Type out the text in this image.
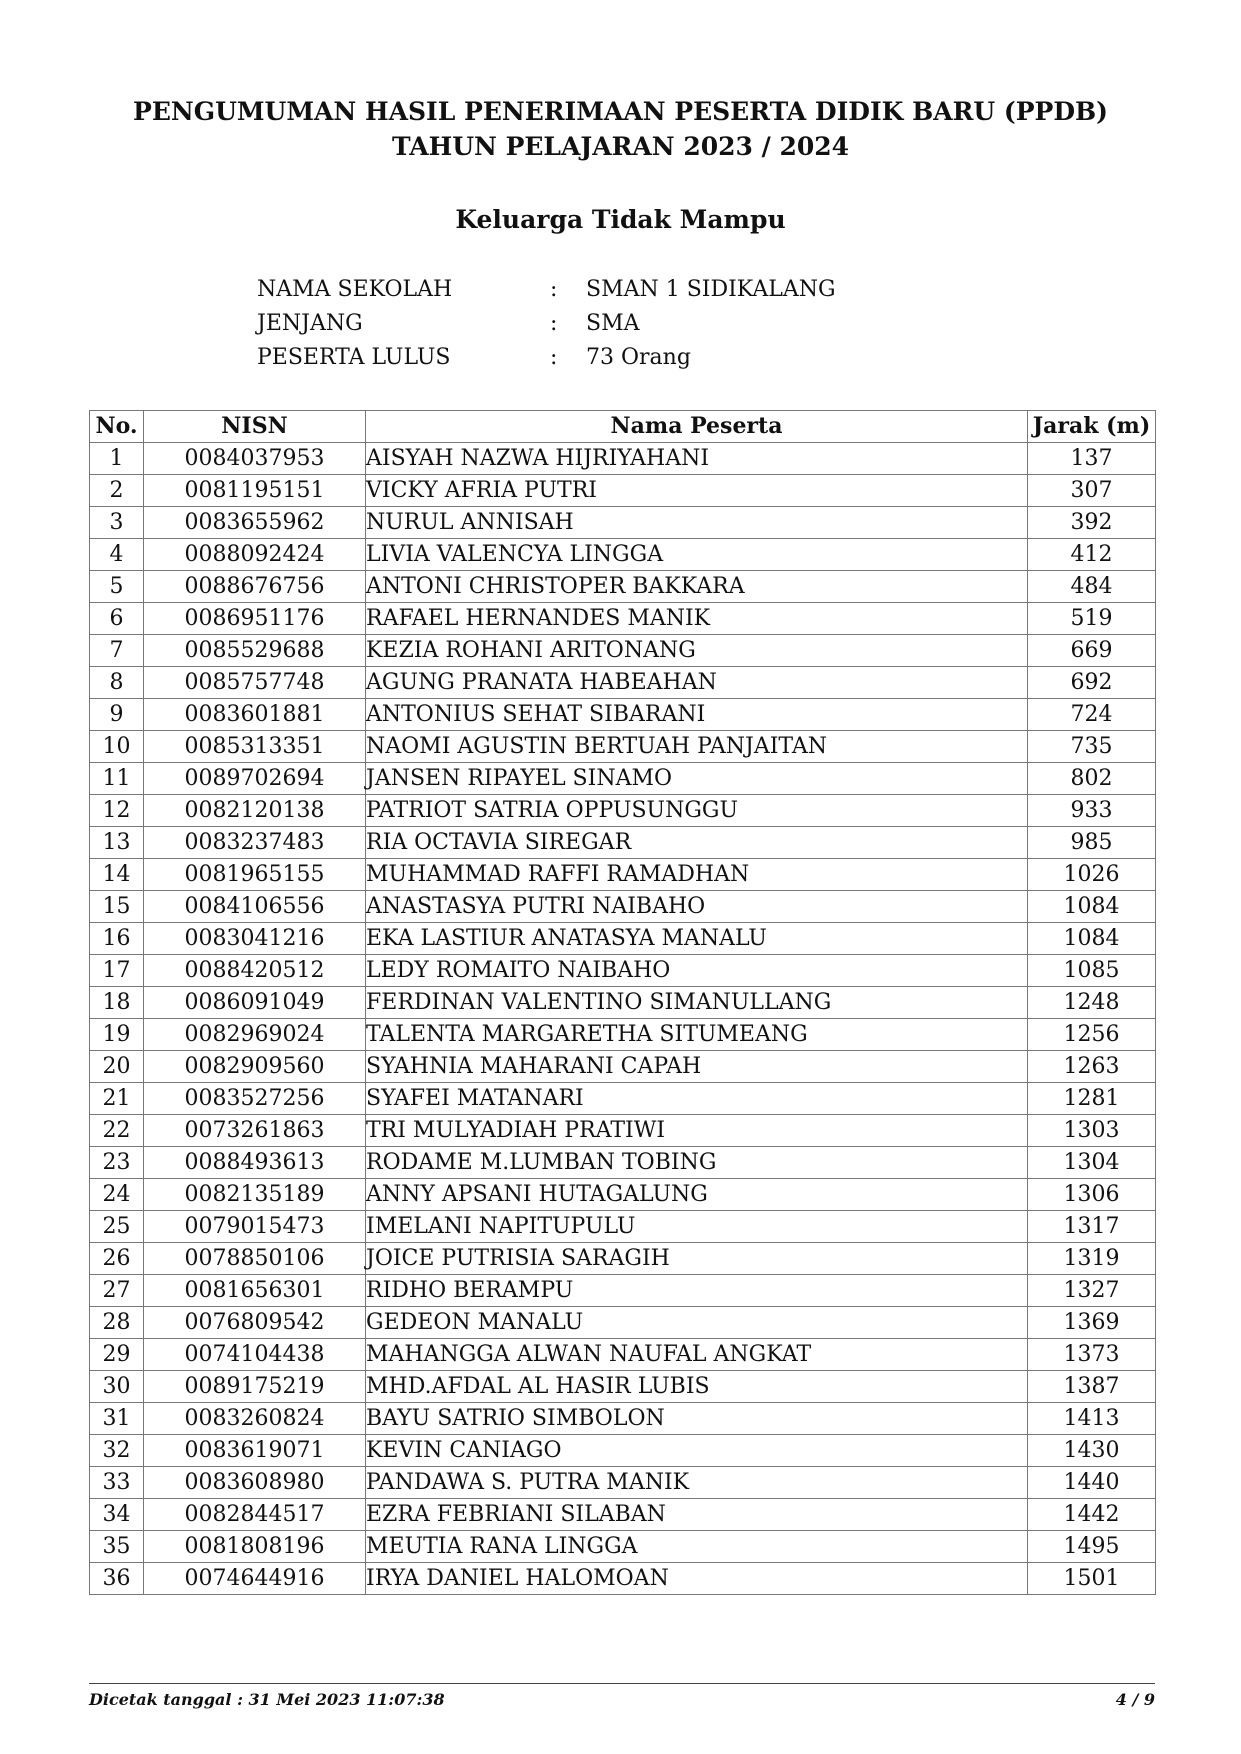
PENGUMUMAN HASIL PENERIMAAN PESERTA DIDIK BARU (PPDB)
TAHUN PELAJARAN 2023 / 2024
Keluarga Tidak Mampu
NAMA SEKOLAH	:	SMAN 1 SIDIKALANG
JENJANG	:	SMA
PESERTA LULUS	:	73 Orang
No.	NISN	Nama Peserta	Jarak (m)
1	0084037953	AISYAH NAZWA HIJRIYAHANI	137
2	0081195151	VICKY AFRIA PUTRI	307
3	0083655962	NURUL ANNISAH	392
4	0088092424	LIVIA VALENCYA LINGGA	412
5	0088676756	ANTONI CHRISTOPER BAKKARA	484
6	0086951176	RAFAEL HERNANDES MANIK	519
7	0085529688	KEZIA ROHANI ARITONANG	669
8	0085757748	AGUNG PRANATA HABEAHAN	692
9	0083601881	ANTONIUS SEHAT SIBARANI	724
10	0085313351	NAOMI AGUSTIN BERTUAH PANJAITAN	735
11	0089702694	JANSEN RIPAYEL SINAMO	802
12	0082120138	PATRIOT SATRIA OPPUSUNGGU	933
13	0083237483	RIA OCTAVIA SIREGAR	985
14	0081965155	MUHAMMAD RAFFI RAMADHAN	1026
15	0084106556	ANASTASYA PUTRI NAIBAHO	1084
16	0083041216	EKA LASTIUR ANATASYA MANALU	1084
17	0088420512	LEDY ROMAITO NAIBAHO	1085
18	0086091049	FERDINAN VALENTINO SIMANULLANG	1248
19	0082969024	TALENTA MARGARETHA SITUMEANG	1256
20	0082909560	SYAHNIA MAHARANI CAPAH	1263
21	0083527256	SYAFEI MATANARI	1281
22	0073261863	TRI MULYADIAH PRATIWI	1303
23	0088493613	RODAME M.LUMBAN TOBING	1304
24	0082135189	ANNY APSANI HUTAGALUNG	1306
25	0079015473	IMELANI NAPITUPULU	1317
26	0078850106	JOICE PUTRISIA SARAGIH	1319
27	0081656301	RIDHO BERAMPU	1327
28	0076809542	GEDEON MANALU	1369
29	0074104438	MAHANGGA ALWAN NAUFAL ANGKAT	1373
30	0089175219	MHD.AFDAL AL HASIR LUBIS	1387
31	0083260824	BAYU SATRIO SIMBOLON	1413
32	0083619071	KEVIN CANIAGO	1430
33	0083608980	PANDAWA S. PUTRA MANIK	1440
34	0082844517	EZRA FEBRIANI SILABAN	1442
35	0081808196	MEUTIA RANA LINGGA	1495
36	0074644916	IRYA DANIEL HALOMOAN	1501
Dicetak tanggal : 31 Mei 2023 11:07:38	4 / 9
